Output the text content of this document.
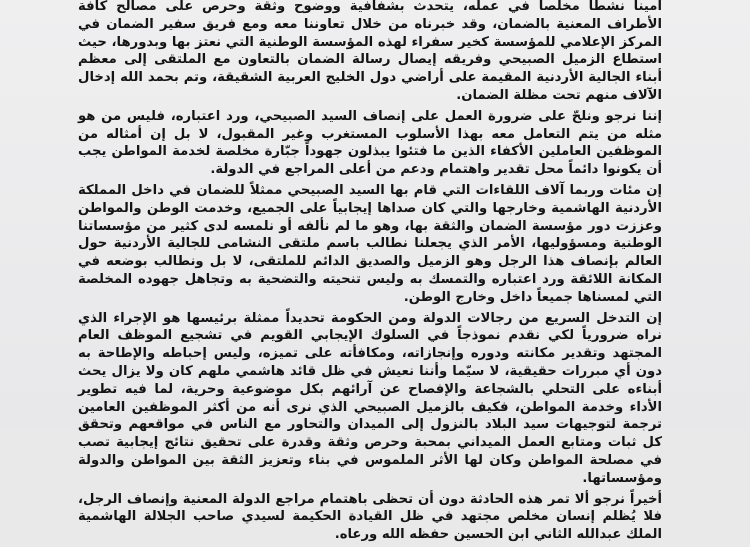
أميناً نشطاً مخلصاً في عمله، يتحدث بشفافية ووضوح وثقة وحرص على مصالح كافة الأطراف المعنية بالضمان، وقد خبرناه من خلال تعاوننا معه ومع فريق سفير الضمان في المركز الإعلامي للمؤسسة كخير سفراء لهذه المؤسسة الوطنية التي نعتز بها وبدورها، حيث استطاع الزميل الصبيحي وفريقه إيصال رسالة الضمان بالتعاون مع الملتقى إلى معظم أبناء الجالية الأردنية المقيمة على أراضي دول الخليج العربية الشقيقة، وتم بحمد الله إدخال الآلاف منهم تحت مظلة الضمان.

إننا نرجو ونلحّ على ضرورة العمل على إنصاف السيد الصبيحي، ورد اعتباره، فليس من هو مثله من يتم التعامل معه بهذا الأسلوب المستغرب وغير المقبول، لا بل إن أمثاله من الموظفين العاملين الأكفاء الذين ما فتئوا يبذلون جهوداً جبّارة مخلصة لخدمة المواطن يجب أن يكونوا دائماً محل تقدير واهتمام ودعم من أعلى المراجع في الدولة.

إن مئات وربما آلاف اللقاءات التي قام بها السيد الصبيحي ممثلاً للضمان في داخل المملكة الأردنية الهاشمية وخارجها والتي كان صداها إيجابياً على الجميع، وخدمت الوطن والمواطن وعززت دور مؤسسة الضمان والثقة بها، وهو ما لم نألفه أو نلمسه لدى كثير من مؤسساتنا الوطنية ومسؤوليها، الأمر الذي يجعلنا نطالب باسم ملتقى النشامى للجالية الأردنية حول العالم بإنصاف هذا الرجل وهو الزميل والصديق الدائم للملتقى، لا بل ونطالب بوضعه في المكانة اللائقة ورد اعتباره والتمسك به وليس تنحيته والتضحية به وتجاهل جهوده المخلصة التي لمسناها جميعاً داخل وخارج الوطن.

إن التدخل السريع من رجالات الدولة ومن الحكومة تحديداً ممثلة برئيسها هو الإجراء الذي نراه ضرورياً لكي نقدم نموذجاً في السلوك الإيجابي القويم في تشجيع الموظف العام المجتهد وتقدير مكانته ودوره وإنجازاته، ومكافأته على تميزه، وليس إحباطه والإطاحة به دون أي مبررات حقيقية، لا سيّما وأننا نعيش في ظل قائد هاشمي ملهم كان ولا يزال يحث أبناءه على التحلي بالشجاعة والإفصاح عن آرائهم بكل موضوعية وحرية، لما فيه تطوير الأداء وخدمة المواطن، فكيف بالزميل الصبيحي الذي نرى أنه من أكثر الموظفين العامين ترجمة لتوجيهات سيد البلاد بالنزول إلى الميدان والتحاور مع الناس في مواقعهم وتحقق كل ثبات ومتابع العمل الميداني بمحبة وحرص وثقة وقدرة على تحقيق نتائج إيجابية تصب في مصلحة المواطن وكان لها الأثر الملموس في بناء وتعزيز الثقة بين المواطن والدولة ومؤسساتها.

أخيراً نرجو ألا تمر هذه الحادثة دون أن تحظى باهتمام مراجع الدولة المعنية وإنصاف الرجل، فلا يُظلم إنسان مخلص مجتهد في ظل القيادة الحكيمة لسيدي صاحب الجلالة الهاشمية الملك عبدالله الثاني ابن الحسين حفظه الله ورعاه.
